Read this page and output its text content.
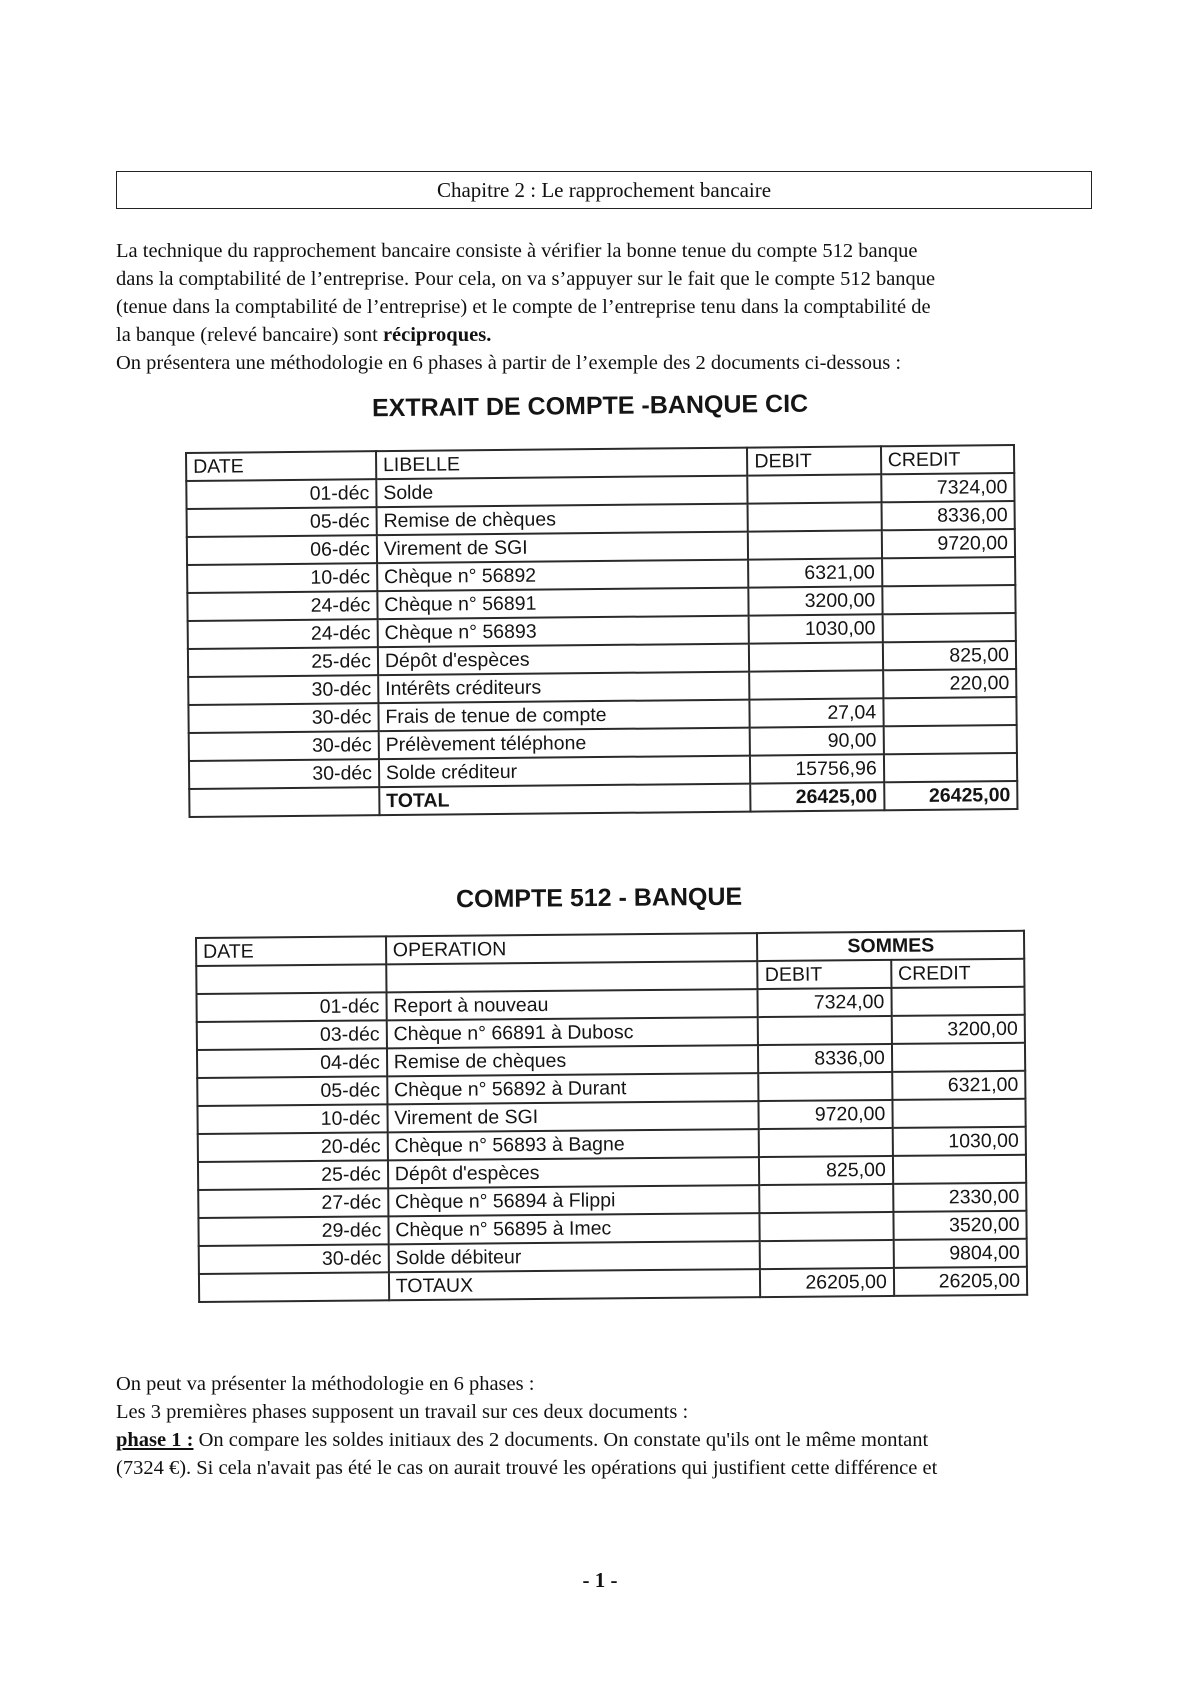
Chapitre 2 : Le rapprochement bancaire

La technique du rapprochement bancaire consiste à vérifier la bonne tenue du compte 512 banque

dans la comptabilité de l’entreprise. Pour cela, on va s’appuyer sur le fait que le compte 512 banque

(tenue dans la comptabilité de l’entreprise) et le compte de l’entreprise tenu dans la comptabilité de

la banque (relevé bancaire) sont réciproques.

On présentera une méthodologie en 6 phases à partir de l’exemple des 2 documents ci-dessous :

EXTRAIT DE COMPTE -BANQUE CIC
DATE	LIBELLE	DEBIT	CREDIT
01-déc	Solde		7324,00
05-déc	Remise de chèques		8336,00
06-déc	Virement de SGI		9720,00
10-déc	Chèque n° 56892	6321,00	
24-déc	Chèque n° 56891	3200,00	
24-déc	Chèque n° 56893	1030,00	
25-déc	Dépôt d'espèces		825,00
30-déc	Intérêts créditeurs		220,00
30-déc	Frais de tenue de compte	27,04	
30-déc	Prélèvement téléphone	90,00	
30-déc	Solde créditeur	15756,96	
	TOTAL	26425,00	26425,00
COMPTE 512 - BANQUE
DATE	OPERATION	SOMMES	
		DEBIT	CREDIT
01-déc	Report à nouveau	7324,00	
03-déc	Chèque n° 66891 à Dubosc		3200,00
04-déc	Remise de chèques	8336,00	
05-déc	Chèque n° 56892 à Durant		6321,00
10-déc	Virement de SGI	9720,00	
20-déc	Chèque n° 56893 à Bagne		1030,00
25-déc	Dépôt d'espèces	825,00	
27-déc	Chèque n° 56894 à Flippi		2330,00
29-déc	Chèque n° 56895 à Imec		3520,00
30-déc	Solde débiteur		9804,00
	TOTAUX	26205,00	26205,00

On peut va présenter la méthodologie en 6 phases :

Les 3 premières phases supposent un travail sur ces deux documents :

phase 1 : On compare les soldes initiaux des 2 documents. On constate qu'ils ont le même montant

(7324 €). Si cela n'avait pas été le cas on aurait trouvé les opérations qui justifient cette différence et

- 1 -
